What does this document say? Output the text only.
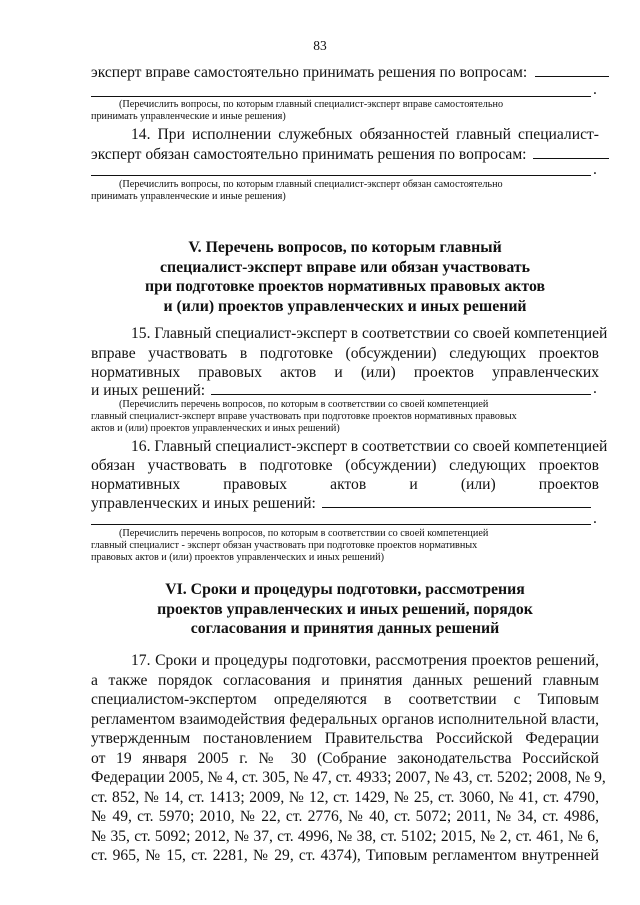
83
эксперт вправе самостоятельно принимать решения по вопросам:
.
(Перечислить вопросы, по которым главный специалист-эксперт вправе самостоятельно
принимать управленческие и иные решения)
14. При исполнении служебных обязанностей главный специалист-
эксперт обязан самостоятельно принимать решения по вопросам:
.
(Перечислить вопросы, по которым главный специалист-эксперт обязан самостоятельно
принимать управленческие и иные решения)
V. Перечень вопросов, по которым главный
специалист-эксперт вправе или обязан участвовать
при подготовке проектов нормативных правовых актов
и (или) проектов управленческих и иных решений
15. Главный специалист-эксперт в соответствии со своей компетенцией
вправе участвовать в подготовке (обсуждении) следующих проектов
нормативных правовых актов и (или) проектов управленческих
и иных решений:	.
(Перечислить перечень вопросов, по которым в соответствии со своей компетенцией
главный специалист-эксперт вправе участвовать при подготовке проектов нормативных правовых
актов и (или) проектов управленческих и иных решений)
16. Главный специалист-эксперт в соответствии со своей компетенцией
обязан участвовать в подготовке (обсуждении) следующих проектов
нормативных правовых актов и (или) проектов
управленческих и иных решений:
.
(Перечислить перечень вопросов, по которым в соответствии со своей компетенцией
главный специалист - эксперт обязан участвовать при подготовке проектов нормативных
правовых актов и (или) проектов управленческих и иных решений)
VI. Сроки и процедуры подготовки, рассмотрения
проектов управленческих и иных решений, порядок
согласования и принятия данных решений
17. Сроки и процедуры подготовки, рассмотрения проектов решений,
а также порядок согласования и принятия данных решений главным
специалистом-экспертом определяются в соответствии с Типовым
регламентом взаимодействия федеральных органов исполнительной власти,
утвержденным постановлением Правительства Российской Федерации
от 19 января 2005 г. № 30 (Собрание законодательства Российской
Федерации 2005, № 4, ст. 305, № 47, ст. 4933; 2007, № 43, ст. 5202; 2008, № 9,
ст. 852, № 14, ст. 1413; 2009, № 12, ст. 1429, № 25, ст. 3060, № 41, ст. 4790,
№ 49, ст. 5970; 2010, № 22, ст. 2776, № 40, ст. 5072; 2011, № 34, ст. 4986,
№ 35, ст. 5092; 2012, № 37, ст. 4996, № 38, ст. 5102; 2015, № 2, ст. 461, № 6,
ст. 965, № 15, ст. 2281, № 29, ст. 4374), Типовым регламентом внутренней
